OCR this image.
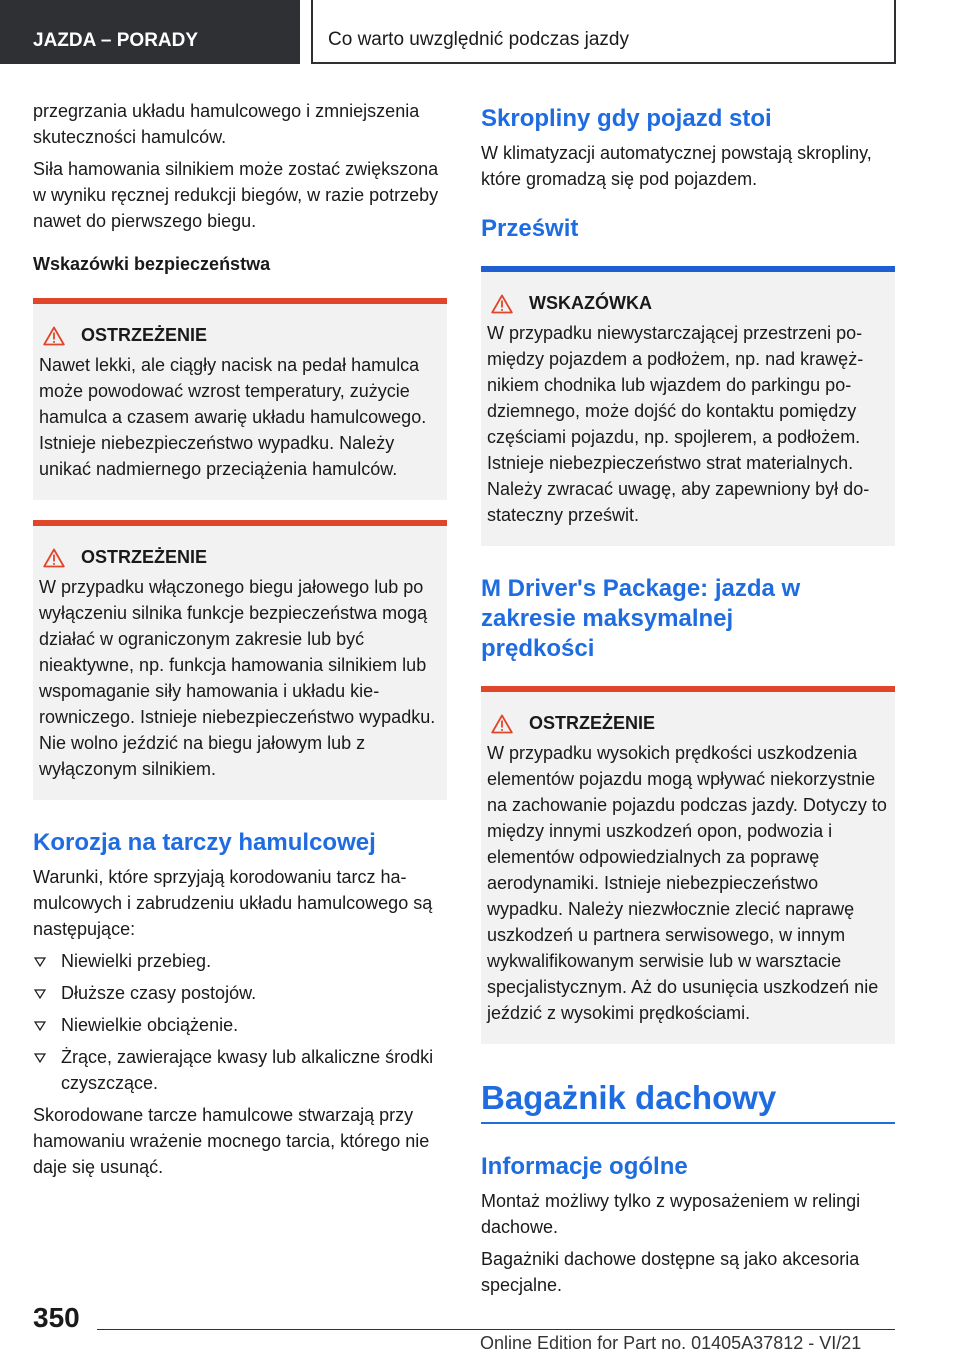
JAZDA – PORADY	Co warto uwzględnić podczas jazdy

przegrzania układu hamulcowego i zmniejszenia skuteczności hamulców.

Siła hamowania silnikiem może zostać zwiększona w wyniku ręcznej redukcji biegów, w razie potrzeby nawet do pierwszego biegu.

Wskazówki bezpieczeństwa
OSTRZEŻENIE
Nawet lekki, ale ciągły nacisk na pedał hamulca może powodować wzrost temperatury, zużycie hamulca a czasem awarię układu hamulcowego. Istnieje niebezpieczeństwo wypadku. Należy unikać nadmiernego przeciążenia hamulców.
OSTRZEŻENIE
W przypadku włączonego biegu jałowego lub po wyłączeniu silnika funkcje bezpieczeństwa mogą działać w ograniczonym zakresie lub być nieaktywne, np. funkcja hamowania silnikiem lub wspomaganie siły hamowania i układu kierowniczego. Istnieje niebezpieczeństwo wypadku. Nie wolno jeździć na biegu jałowym lub z wyłączonym silnikiem.
Korozja na tarczy hamulcowej

Warunki, które sprzyjają korodowaniu tarcz hamulcowych i zabrudzeniu układu hamulcowego są następujące:

Niewielki przebieg.
Dłuższe czasy postojów.
Niewielkie obciążenie.
Żrące, zawierające kwasy lub alkaliczne środki czyszczące.

Skorodowane tarcze hamulcowe stwarzają przy hamowaniu wrażenie mocnego tarcia, którego nie daje się usunąć.

Skropliny gdy pojazd stoi

W klimatyzacji automatycznej powstają skropliny, które gromadzą się pod pojazdem.

Prześwit
WSKAZÓWKA
W przypadku niewystarczającej przestrzeni pomiędzy pojazdem a podłożem, np. nad krawężnikiem chodnika lub wjazdem do parkingu podziemnego, może dojść do kontaktu pomiędzy częściami pojazdu, np. spojlerem, a podłożem. Istnieje niebezpieczeństwo strat materialnych. Należy zwracać uwagę, aby zapewniony był dostateczny prześwit.
M Driver's Package: jazda w zakresie maksymalnej prędkości
OSTRZEŻENIE
W przypadku wysokich prędkości uszkodzenia elementów pojazdu mogą wpływać niekorzystnie na zachowanie pojazdu podczas jazdy. Dotyczy to między innymi uszkodzeń opon, podwozia i elementów odpowiedzialnych za poprawę aerodynamiki. Istnieje niebezpieczeństwo wypadku. Należy niezwłocznie zlecić naprawę uszkodzeń u partnera serwisowego, w innym wykwalifikowanym serwisie lub w warsztacie specjalistycznym. Aż do usunięcia uszkodzeń nie jeździć z wysokimi prędkościami.
Bagażnik dachowy
Informacje ogólne

Montaż możliwy tylko z wyposażeniem w relingi dachowe.

Bagażniki dachowe dostępne są jako akcesoria specjalne.

350
Online Edition for Part no. 01405A37812 - VI/21
